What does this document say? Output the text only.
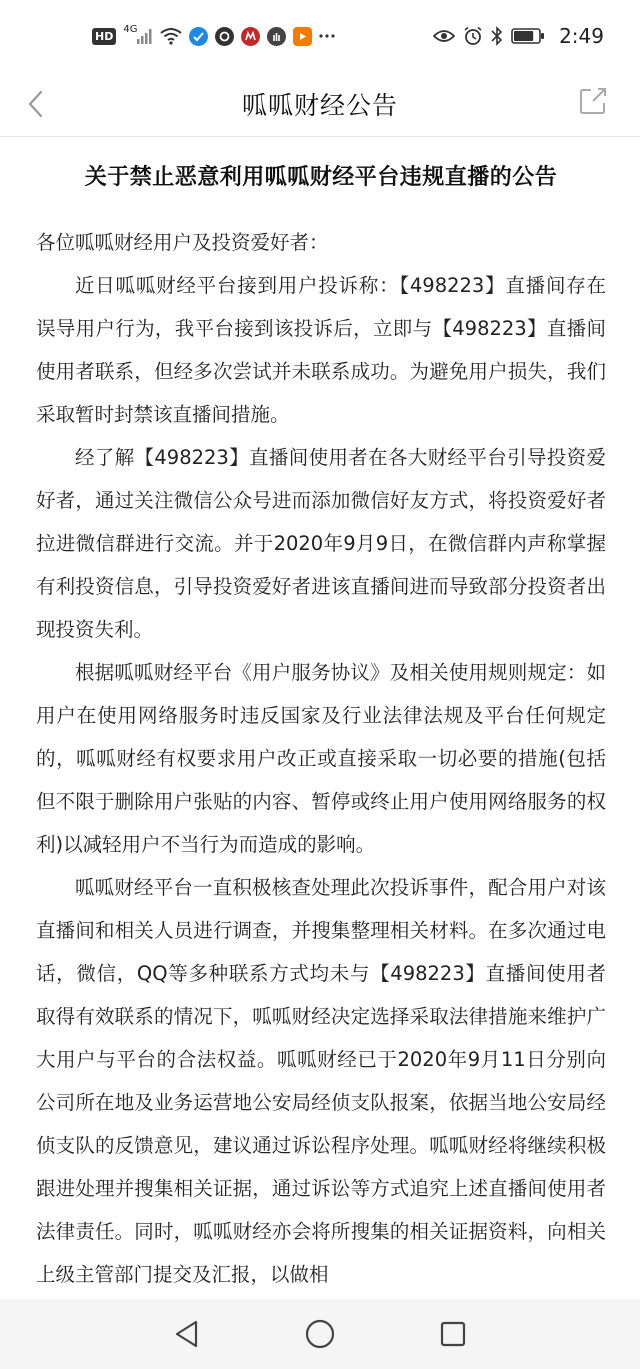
HD	4G	2:49
呱呱财经公告
关于禁止恶意利用呱呱财经平台违规直播的公告

各位呱呱财经用户及投资爱好者：

近日呱呱财经平台接到用户投诉称：【498223】直播间存在误导用户行为，我平台接到该投诉后，立即与【498223】直播间使用者联系，但经多次尝试并未联系成功。为避免用户损失，我们采取暂时封禁该直播间措施。

经了解【498223】直播间使用者在各大财经平台引导投资爱好者，通过关注微信公众号进而添加微信好友方式，将投资爱好者拉进微信群进行交流。并于2020年9月9日，在微信群内声称掌握有利投资信息，引导投资爱好者进该直播间进而导致部分投资者出现投资失利。

根据呱呱财经平台《用户服务协议》及相关使用规则规定：如用户在使用网络服务时违反国家及行业法律法规及平台任何规定的，呱呱财经有权要求用户改正或直接采取一切必要的措施(包括但不限于删除用户张贴的内容、暂停或终止用户使用网络服务的权利)以减轻用户不当行为而造成的影响。

呱呱财经平台一直积极核查处理此次投诉事件，配合用户对该直播间和相关人员进行调查，并搜集整理相关材料。在多次通过电话，微信，QQ等多种联系方式均未与【498223】直播间使用者取得有效联系的情况下，呱呱财经决定选择采取法律措施来维护广大用户与平台的合法权益。呱呱财经已于2020年9月11日分别向公司所在地及业务运营地公安局经侦支队报案，依据当地公安局经侦支队的反馈意见，建议通过诉讼程序处理。呱呱财经将继续积极跟进处理并搜集相关证据，通过诉讼等方式追究上述直播间使用者法律责任。同时，呱呱财经亦会将所搜集的相关证据资料，向相关上级主管部门提交及汇报，以做相
